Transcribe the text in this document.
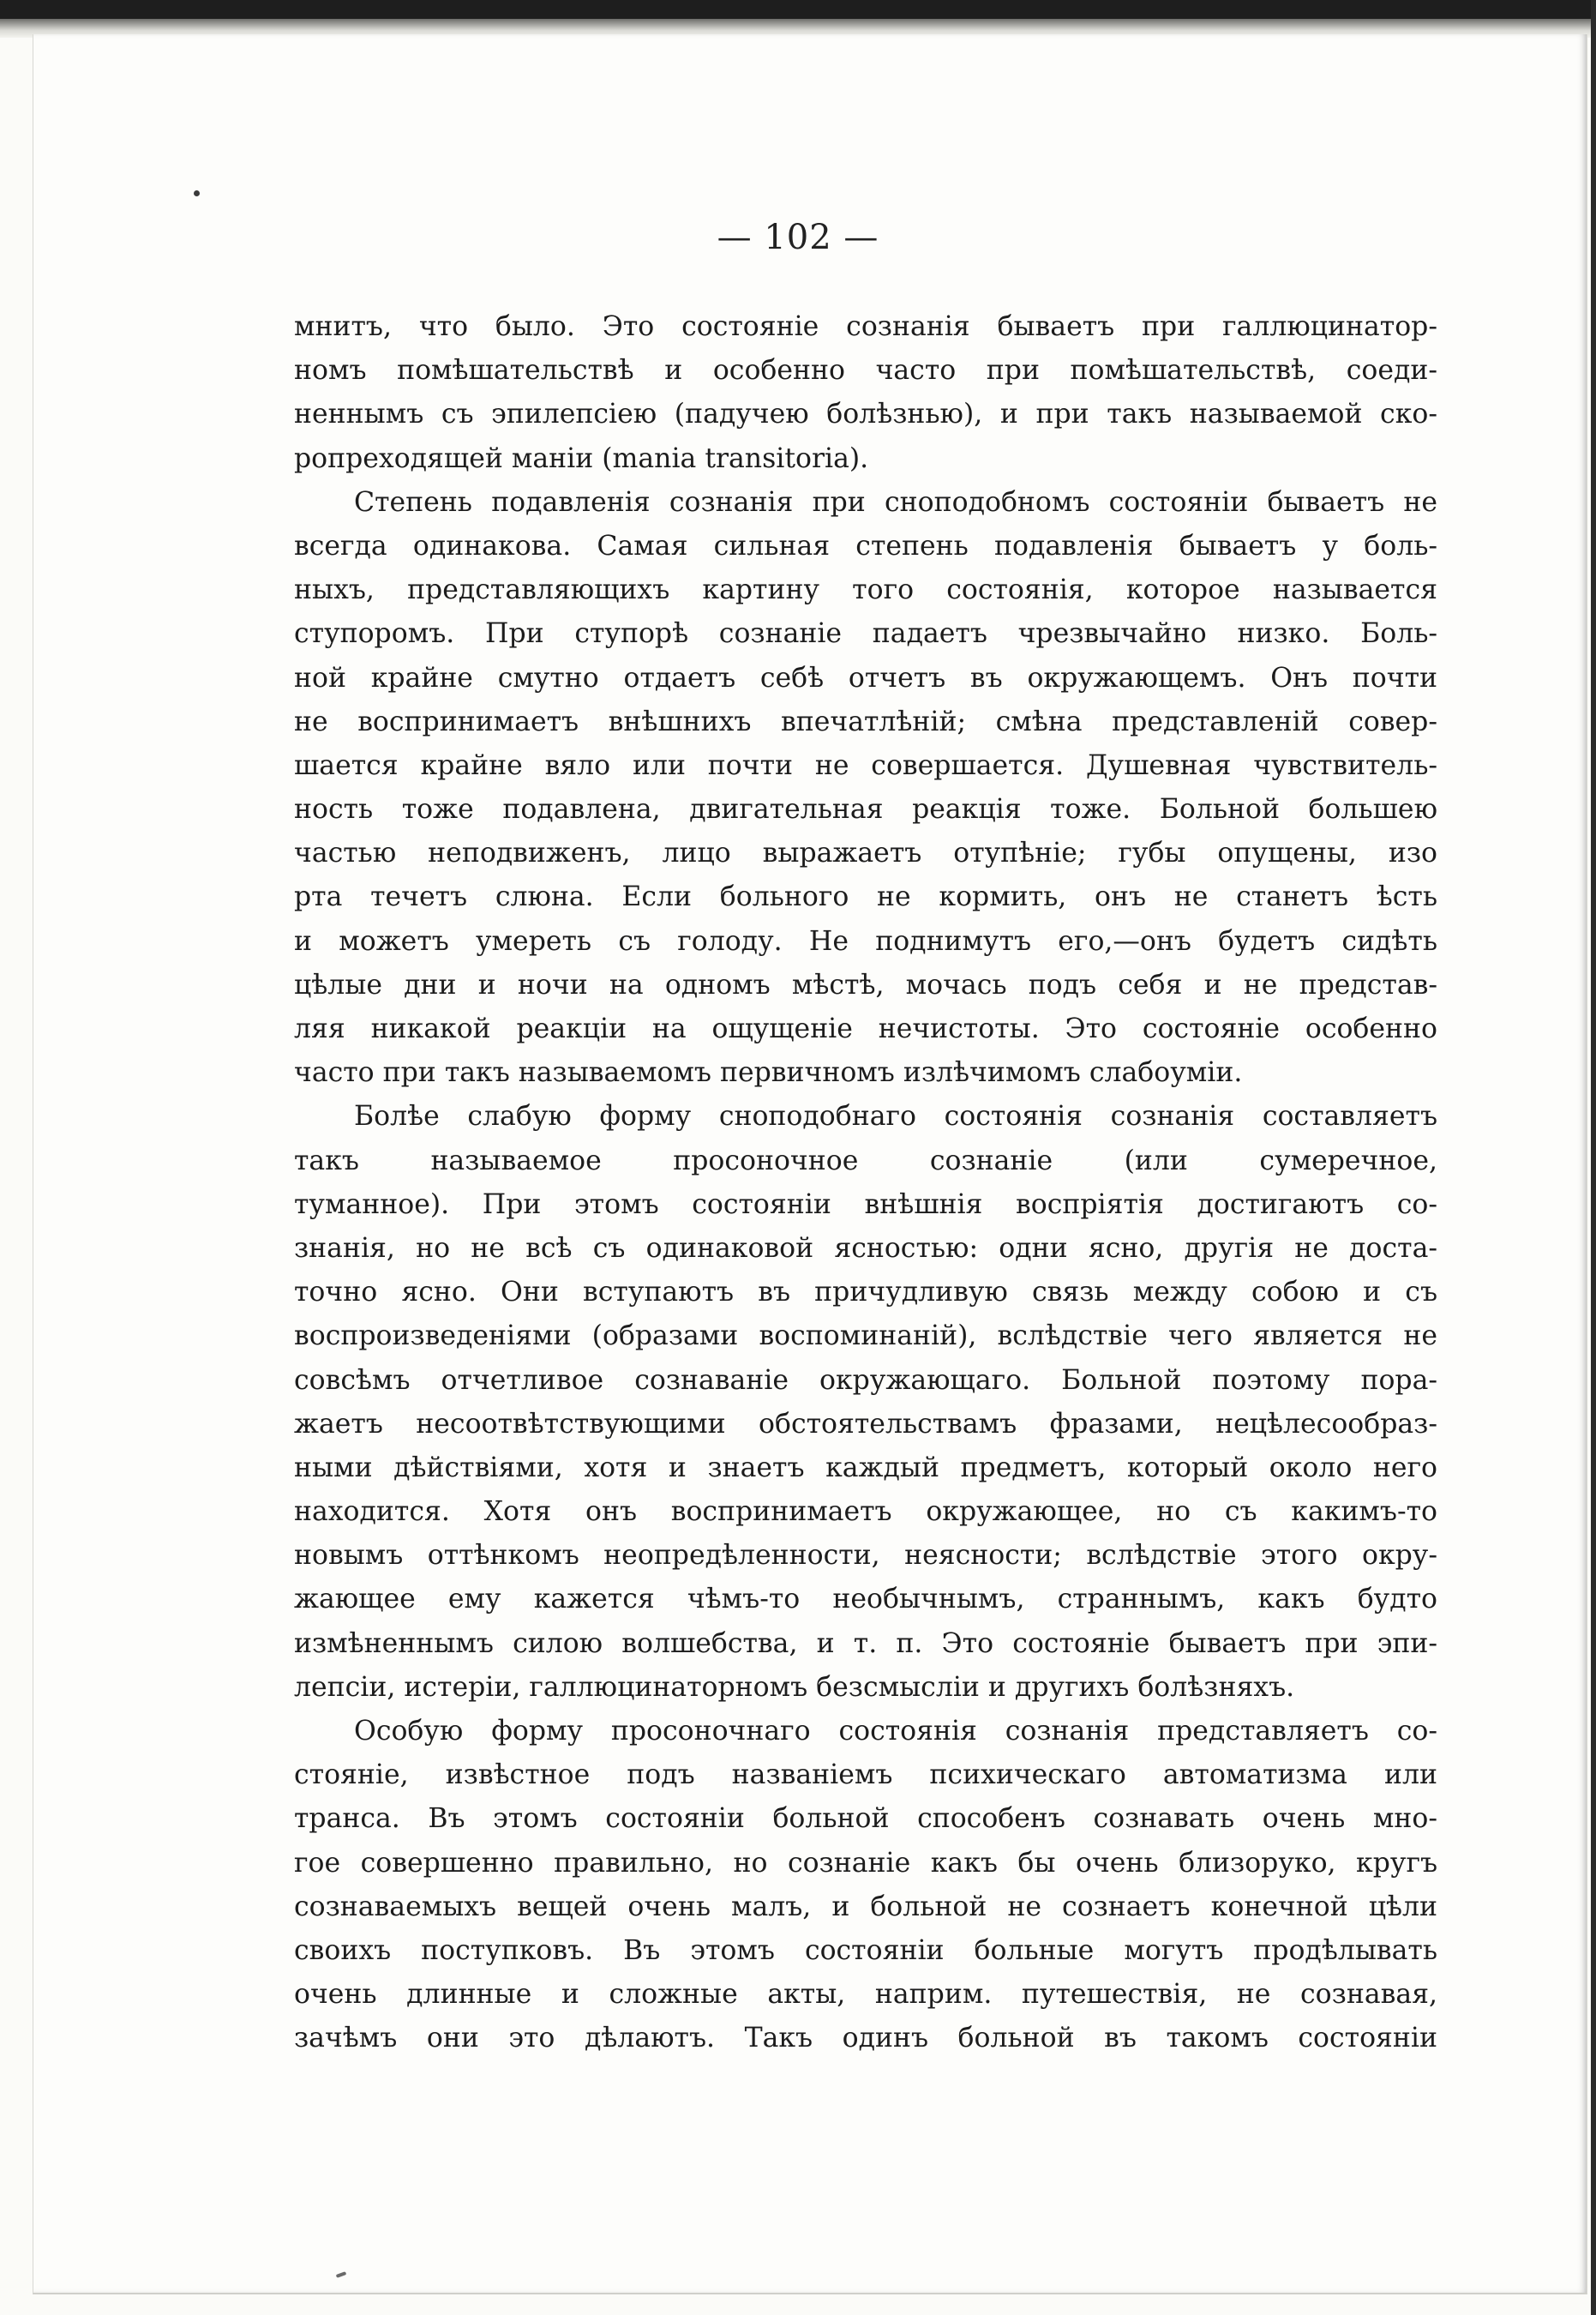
— 102 —
мнитъ, что было. Это состояніе сознанія бываетъ при галлюцинатор-
номъ помѣшательствѣ и особенно часто при помѣшательствѣ, соеди-
неннымъ съ эпилепсіею (падучею болѣзнью), и при такъ называемой ско-
ропреходящей маніи (mania transitoria).
Степень подавленія сознанія при сноподобномъ состояніи бываетъ не
всегда одинакова. Самая сильная степень подавленія бываетъ у боль-
ныхъ, представляющихъ картину того состоянія, которое называется
ступоромъ. При ступорѣ сознаніе падаетъ чрезвычайно низко. Боль-
ной крайне смутно отдаетъ себѣ отчетъ въ окружающемъ. Онъ почти
не воспринимаетъ внѣшнихъ впечатлѣній; смѣна представленій совер-
шается крайне вяло или почти не совершается. Душевная чувствитель-
ность тоже подавлена, двигательная реакція тоже. Больной большею
частью неподвиженъ, лицо выражаетъ отупѣніе; губы опущены, изо
рта течетъ слюна. Если больного не кормить, онъ не станетъ ѣсть
и можетъ умереть съ голоду. Не поднимутъ его,—онъ будетъ сидѣть
цѣлые дни и ночи на одномъ мѣстѣ, мочась подъ себя и не представ-
ляя никакой реакціи на ощущеніе нечистоты. Это состояніе особенно
часто при такъ называемомъ первичномъ излѣчимомъ слабоуміи.
Болѣе слабую форму сноподобнаго состоянія сознанія составляетъ
такъ называемое просоночное сознаніе (или сумеречное,
туманное). При этомъ состояніи внѣшнія воспріятія достигаютъ со-
знанія, но не всѣ съ одинаковой ясностью: одни ясно, другія не доста-
точно ясно. Они вступаютъ въ причудливую связь между собою и съ
воспроизведеніями (образами воспоминаній), вслѣдствіе чего является не
совсѣмъ отчетливое сознаваніе окружающаго. Больной поэтому пора-
жаетъ несоотвѣтствующими обстоятельствамъ фразами, нецѣлесообраз-
ными дѣйствіями, хотя и знаетъ каждый предметъ, который около него
находится. Хотя онъ воспринимаетъ окружающее, но съ какимъ-то
новымъ оттѣнкомъ неопредѣленности, неясности; вслѣдствіе этого окру-
жающее ему кажется чѣмъ-то необычнымъ, страннымъ, какъ будто
измѣненнымъ силою волшебства, и т. п. Это состояніе бываетъ при эпи-
лепсіи, истеріи, галлюцинаторномъ безсмысліи и другихъ болѣзняхъ.
Особую форму просоночнаго состоянія сознанія представляетъ со-
стояніе, извѣстное подъ названіемъ психическаго автоматизма или
транса. Въ этомъ состояніи больной способенъ сознавать очень мно-
гое совершенно правильно, но сознаніе какъ бы очень близоруко, кругъ
сознаваемыхъ вещей очень малъ, и больной не сознаетъ конечной цѣли
своихъ поступковъ. Въ этомъ состояніи больные могутъ продѣлывать
очень длинные и сложные акты, наприм. путешествія, не сознавая,
зачѣмъ они это дѣлаютъ. Такъ одинъ больной въ такомъ состояніи
